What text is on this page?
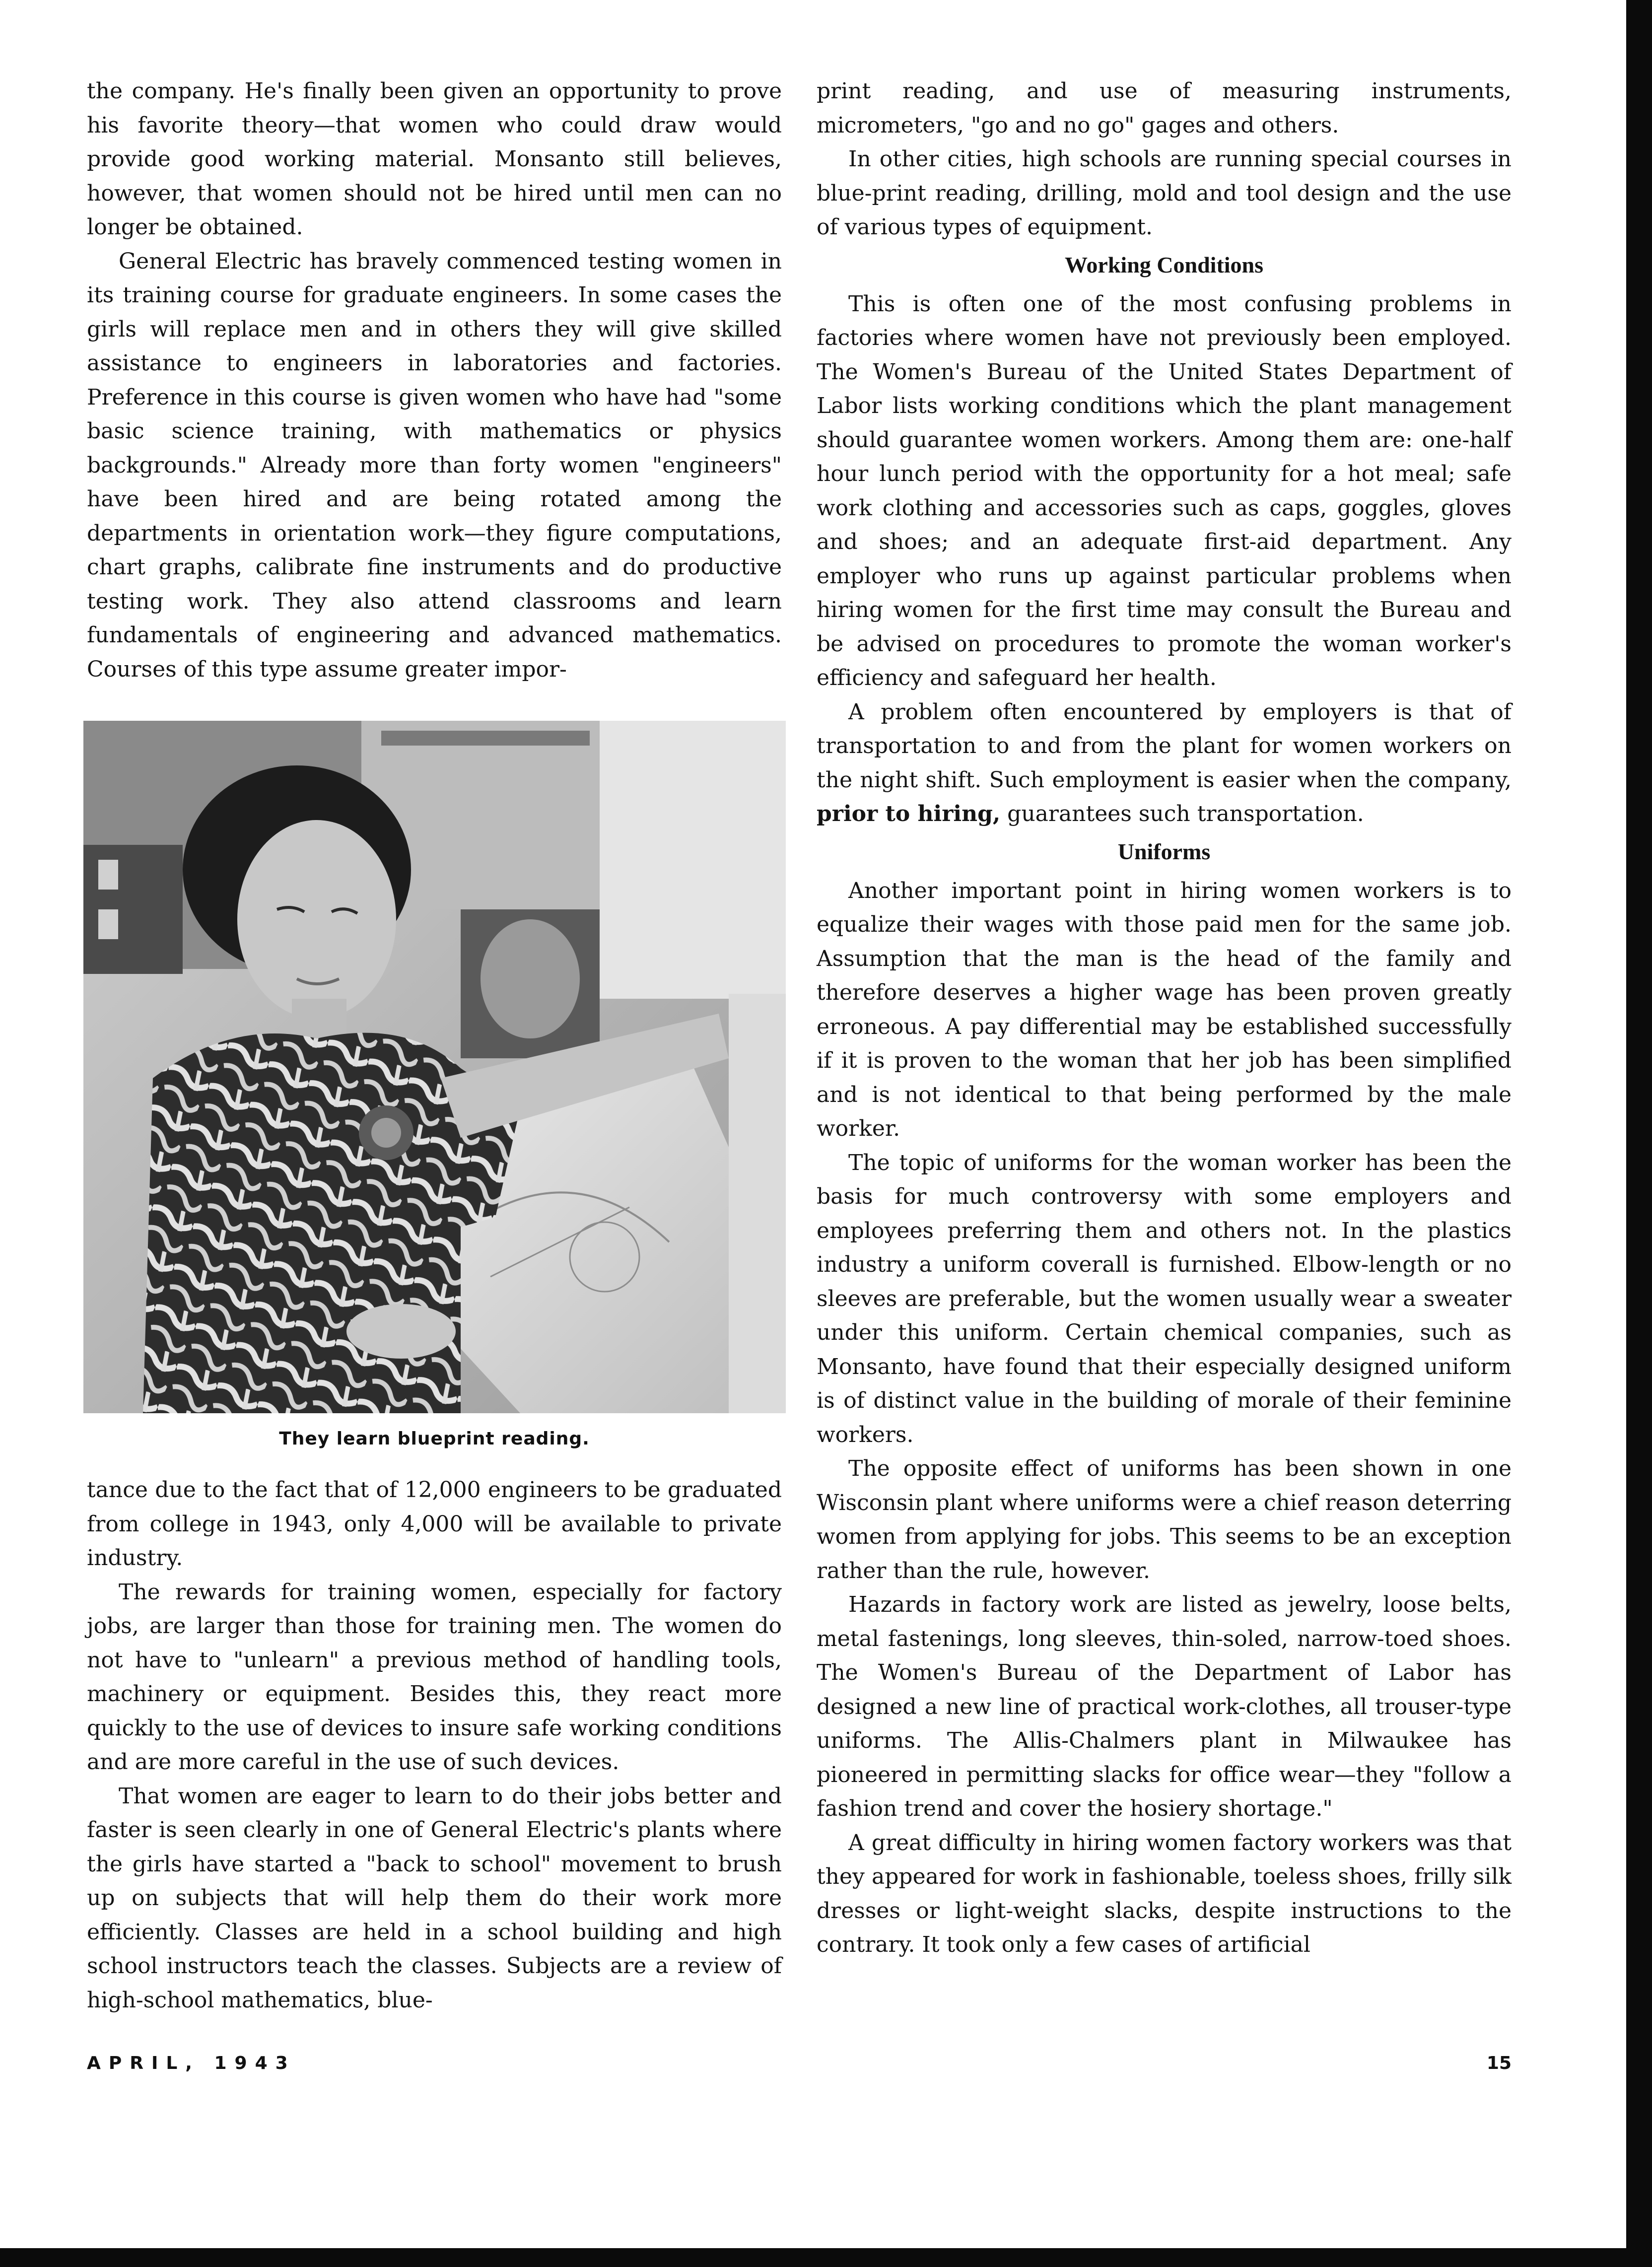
the company. He's finally been given an opportunity to prove his favorite theory—that women who could draw would provide good working material. Monsanto still believes, however, that women should not be hired until men can no longer be obtained.

General Electric has bravely commenced testing women in its training course for graduate engineers. In some cases the girls will replace men and in others they will give skilled assistance to engineers in laboratories and factories. Preference in this course is given women who have had "some basic science training, with mathematics or physics backgrounds." Already more than forty women "engineers" have been hired and are being rotated among the departments in orientation work—they figure computations, chart graphs, calibrate fine instruments and do productive testing work. They also attend classrooms and learn fundamentals of engineering and advanced mathematics. Courses of this type assume greater impor-

They learn blueprint reading.

tance due to the fact that of 12,000 engineers to be graduated from college in 1943, only 4,000 will be available to private industry.

The rewards for training women, especially for factory jobs, are larger than those for training men. The women do not have to "unlearn" a previous method of handling tools, machinery or equipment. Besides this, they react more quickly to the use of devices to insure safe working conditions and are more careful in the use of such devices.

That women are eager to learn to do their jobs better and faster is seen clearly in one of General Electric's plants where the girls have started a "back to school" movement to brush up on subjects that will help them do their work more efficiently. Classes are held in a school building and high school instructors teach the classes. Subjects are a review of high-school mathematics, blue-

print reading, and use of measuring instruments, micrometers, "go and no go" gages and others.

In other cities, high schools are running special courses in blue-print reading, drilling, mold and tool design and the use of various types of equipment.

Working Conditions

This is often one of the most confusing problems in factories where women have not previously been employed. The Women's Bureau of the United States Department of Labor lists working conditions which the plant management should guarantee women workers. Among them are: one-half hour lunch period with the opportunity for a hot meal; safe work clothing and accessories such as caps, goggles, gloves and shoes; and an adequate first-aid department. Any employer who runs up against particular problems when hiring women for the first time may consult the Bureau and be advised on procedures to promote the woman worker's efficiency and safeguard her health.

A problem often encountered by employers is that of transportation to and from the plant for women workers on the night shift. Such employment is easier when the company, prior to hiring, guarantees such transportation.

Uniforms

Another important point in hiring women workers is to equalize their wages with those paid men for the same job. Assumption that the man is the head of the family and therefore deserves a higher wage has been proven greatly erroneous. A pay differential may be established successfully if it is proven to the woman that her job has been simplified and is not identical to that being performed by the male worker.

The topic of uniforms for the woman worker has been the basis for much controversy with some employers and employees preferring them and others not. In the plastics industry a uniform coverall is furnished. Elbow-length or no sleeves are preferable, but the women usually wear a sweater under this uniform. Certain chemical companies, such as Monsanto, have found that their especially designed uniform is of distinct value in the building of morale of their feminine workers.

The opposite effect of uniforms has been shown in one Wisconsin plant where uniforms were a chief reason deterring women from applying for jobs. This seems to be an exception rather than the rule, however.

Hazards in factory work are listed as jewelry, loose belts, metal fastenings, long sleeves, thin-soled, narrow-toed shoes. The Women's Bureau of the Department of Labor has designed a new line of practical work-clothes, all trouser-type uniforms. The Allis-Chalmers plant in Milwaukee has pioneered in permitting slacks for office wear—they "follow a fashion trend and cover the hosiery shortage."

A great difficulty in hiring women factory workers was that they appeared for work in fashionable, toeless shoes, frilly silk dresses or light-weight slacks, despite instructions to the contrary. It took only a few cases of artificial

APRIL, 1943	15
